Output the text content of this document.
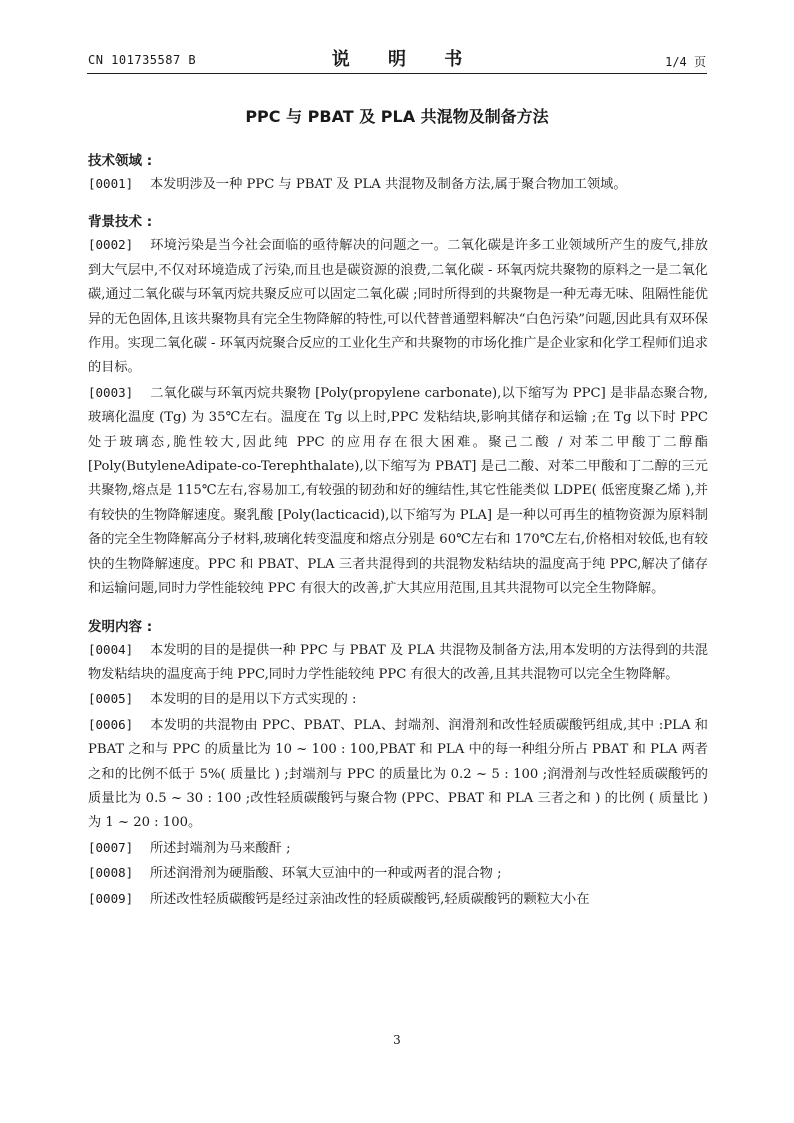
CN 101735587 B	说 明 书	1/4 页
PPC 与 PBAT 及 PLA 共混物及制备方法
技术领域 :
[0001] 本发明涉及一种 PPC 与 PBAT 及 PLA 共混物及制备方法,属于聚合物加工领域。
背景技术 :
[0002] 环境污染是当今社会面临的亟待解决的问题之一。二氧化碳是许多工业领域所产生的废气,排放到大气层中,不仅对环境造成了污染,而且也是碳资源的浪费,二氧化碳 - 环氧丙烷共聚物的原料之一是二氧化碳,通过二氧化碳与环氧丙烷共聚反应可以固定二氧化碳 ;同时所得到的共聚物是一种无毒无味、阻隔性能优异的无色固体,且该共聚物具有完全生物降解的特性,可以代替普通塑料解决“白色污染”问题,因此具有双环保作用。实现二氧化碳 - 环氧丙烷聚合反应的工业化生产和共聚物的市场化推广是企业家和化学工程师们追求的目标。
[0003] 二氧化碳与环氧丙烷共聚物 [Poly(propylene carbonate),以下缩写为 PPC] 是非晶态聚合物,玻璃化温度 (Tg) 为 35℃左右。温度在 Tg 以上时,PPC 发粘结块,影响其储存和运输 ;在 Tg 以下时 PPC 处于玻璃态,脆性较大,因此纯 PPC 的应用存在很大困难。聚己二酸 / 对苯二甲酸丁二醇酯 [Poly(ButyleneAdipate-co-Terephthalate),以下缩写为 PBAT] 是己二酸、对苯二甲酸和丁二醇的三元共聚物,熔点是 115℃左右,容易加工,有较强的韧劲和好的缠结性,其它性能类似 LDPE( 低密度聚乙烯 ),并有较快的生物降解速度。聚乳酸 [Poly(lacticacid),以下缩写为 PLA] 是一种以可再生的植物资源为原料制备的完全生物降解高分子材料,玻璃化转变温度和熔点分别是 60℃左右和 170℃左右,价格相对较低,也有较快的生物降解速度。PPC 和 PBAT、PLA 三者共混得到的共混物发粘结块的温度高于纯 PPC,解决了储存和运输问题,同时力学性能较纯 PPC 有很大的改善,扩大其应用范围,且其共混物可以完全生物降解。
发明内容 :
[0004] 本发明的目的是提供一种 PPC 与 PBAT 及 PLA 共混物及制备方法,用本发明的方法得到的共混物发粘结块的温度高于纯 PPC,同时力学性能较纯 PPC 有很大的改善,且其共混物可以完全生物降解。
[0005] 本发明的目的是用以下方式实现的 :
[0006] 本发明的共混物由 PPC、PBAT、PLA、封端剂、润滑剂和改性轻质碳酸钙组成,其中 :PLA 和 PBAT 之和与 PPC 的质量比为 10 ~ 100 : 100,PBAT 和 PLA 中的每一种组分所占 PBAT 和 PLA 两者之和的比例不低于 5%( 质量比 ) ;封端剂与 PPC 的质量比为 0.2 ~ 5 : 100 ;润滑剂与改性轻质碳酸钙的质量比为 0.5 ~ 30 : 100 ;改性轻质碳酸钙与聚合物 (PPC、PBAT 和 PLA 三者之和 ) 的比例 ( 质量比 ) 为 1 ~ 20 : 100。
[0007] 所述封端剂为马来酸酐 ;
[0008] 所述润滑剂为硬脂酸、环氧大豆油中的一种或两者的混合物 ;
[0009] 所述改性轻质碳酸钙是经过亲油改性的轻质碳酸钙,轻质碳酸钙的颗粒大小在
3
